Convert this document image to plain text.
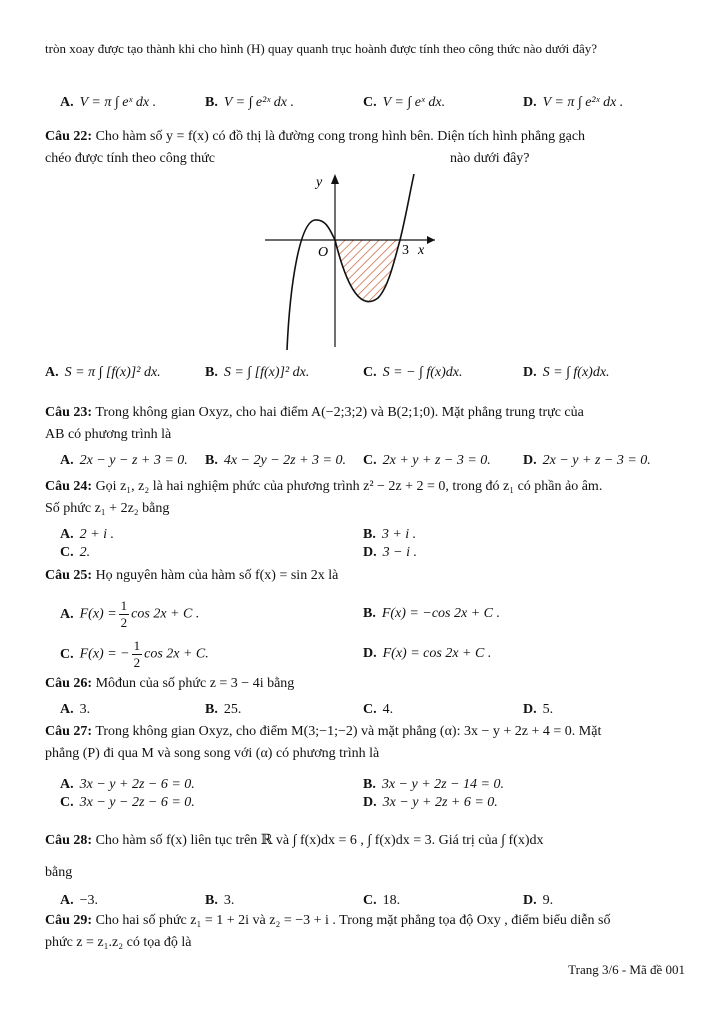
tròn xoay được tạo thành khi cho hình (H) quay quanh trục hoành được tính theo công thức nào dưới đây?
A. V = π ∫ eˣ dx .	B. V = ∫ e²ˣ dx .	C. V = ∫ eˣ dx.	D. V = π ∫ e²ˣ dx .
Câu 22: Cho hàm số y = f(x) có đồ thị là đường cong trong hình bên. Diện tích hình phẳng gạch
chéo được tính theo công thức	nào dưới đây?
y
x
O	3
A. S = π ∫ [f(x)]² dx.	B. S = ∫ [f(x)]² dx.	C. S = − ∫ f(x)dx.	D. S = ∫ f(x)dx.
Câu 23: Trong không gian Oxyz, cho hai điểm A(−2;3;2) và B(2;1;0). Mặt phẳng trung trực của
AB có phương trình là
A. 2x − y − z + 3 = 0. B. 4x − 2y − 2z + 3 = 0. C. 2x + y + z − 3 = 0. D. 2x − y + z − 3 = 0.
Câu 24: Gọi z₁, z₂ là hai nghiệm phức của phương trình z² − 2z + 2 = 0, trong đó z₁ có phần ảo âm.
Số phức z₁ + 2z₂ bằng
A. 2 + i .	B. 3 + i .
C. 2.	D. 3 − i .
Câu 25: Họ nguyên hàm của hàm số f(x) = sin 2x là
A. $F(x) = \frac{1}{2}$ cos 2x + C .	B. F(x) = −cos 2x + C .
C. F(x) = − $\frac{1}{2}$ cos 2x + C.	D. F(x) = cos 2x + C .
Câu 26: Môđun của số phức z = 3 − 4i bằng
A. 3.	B. 25.	C. 4.	D. 5.
Câu 27: Trong không gian Oxyz, cho điểm M(3;−1;−2) và mặt phẳng (α): 3x − y + 2z + 4 = 0. Mặt
phẳng (P) đi qua M và song song với (α) có phương trình là
A. 3x − y + 2z − 6 = 0.	B. 3x − y + 2z − 14 = 0.
C. 3x − y − 2z − 6 = 0.	D. 3x − y + 2z + 6 = 0.
Câu 28: Cho hàm số f(x) liên tục trên ℝ và ∫ f(x)dx = 6 , ∫ f(x)dx = 3. Giá trị của ∫ f(x)dx
bằng
A. −3.	B. 3.	C. 18.	D. 9.
Câu 29: Cho hai số phức z₁ = 1 + 2i và z₂ = −3 + i . Trong mặt phẳng tọa độ Oxy , điểm biểu diễn số
phức z = z₁.z₂ có tọa độ là
Trang 3/6 - Mã đề 001
